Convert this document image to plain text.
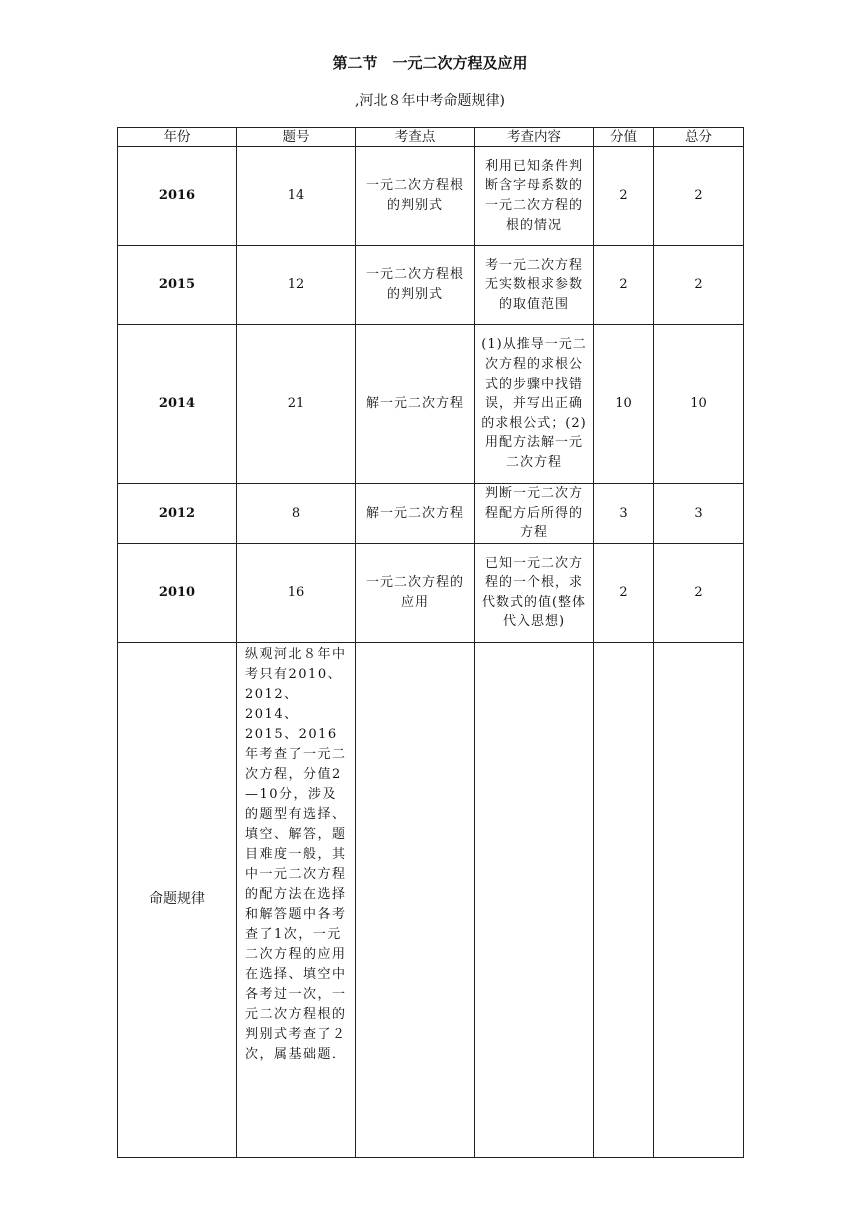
第二节　一元二次方程及应用
,河北８年中考命题规律)
年份	题号	考查点	考查内容	分值	总分
2016	14	一元二次方程根的判别式	利用已知条件判断含字母系数的一元二次方程的根的情况	2	2
2015	12	一元二次方程根的判别式	考一元二次方程无实数根求参数的取值范围	2	2
2014	21	解一元二次方程	(1)从推导一元二次方程的求根公式的步骤中找错误，并写出正确的求根公式；(2)用配方法解一元二次方程	10	10
2012	8	解一元二次方程	判断一元二次方程配方后所得的方程	3	3
2010	16	一元二次方程的应用	已知一元二次方程的一个根，求代数式的值(整体代入思想)	2	2
命题规律	纵观河北８年中考只有2010、2012、2014、2015、2016年考查了一元二次方程，分值2—10分，涉及的题型有选择、填空、解答，题目难度一般，其中一元二次方程的配方法在选择和解答题中各考查了1次，一元二次方程的应用在选择、填空中各考过一次，一元二次方程根的判别式考查了２次，属基础题．				
